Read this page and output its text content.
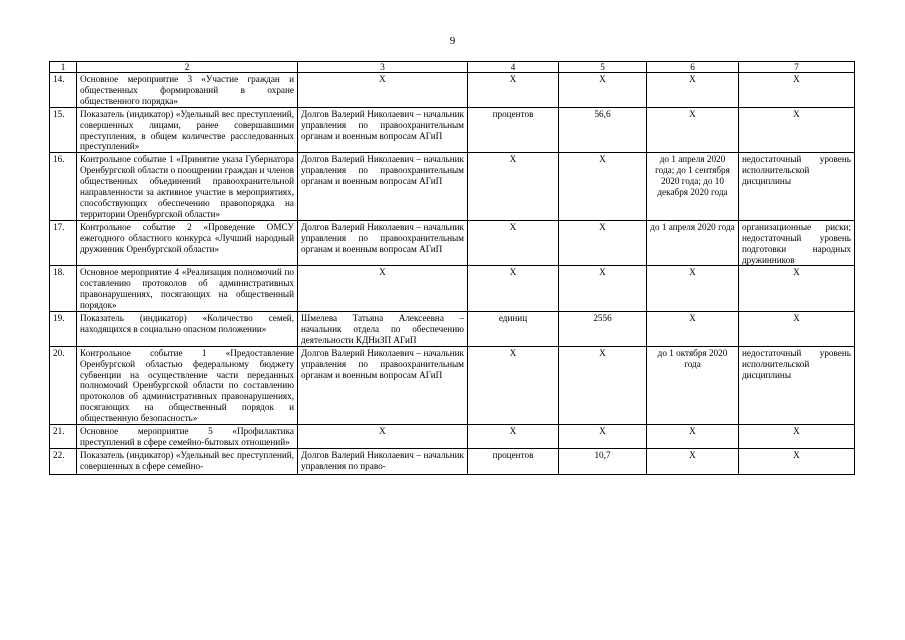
9
1	2	3	4	5	6	7
14.	Основное мероприятие 3 «Участие граждан и общественных формирований в охране общественного порядка»	Х	Х	Х	Х	Х
15.	Показатель (индикатор) «Удельный вес преступлений, совершенных лицами, ранее совершавшими преступления, в общем количестве расследованных преступлений»	Долгов Валерий Николаевич – начальник управления по правоохранительным органам и военным вопросам АГиП	процентов	56,6	Х	Х
16.	Контрольное событие 1 «Принятие указа Губернатора Оренбургской области о поощрении граждан и членов общественных объединений правоохранительной направленности за активное участие в мероприятиях, способствующих обеспечению правопорядка на территории Оренбургской области»	Долгов Валерий Николаевич – начальник управления по правоохранительным органам и военным вопросам АГиП	Х	Х	до 1 апреля 2020 года; до 1 сентября 2020 года; до 10 декабря 2020 года	недостаточный уровень исполнительской дисциплины
17.	Контрольное событие 2 «Проведение ОМСУ ежегодного областного конкурса «Лучший народный дружинник Оренбургской области»	Долгов Валерий Николаевич – начальник управления по правоохранительным органам и военным вопросам АГиП	Х	Х	до 1 апреля 2020 года	организационные риски; недостаточный уровень подготовки народных дружинников
18.	Основное мероприятие 4 «Реализация полномочий по составлению протоколов об административных правонарушениях, посягающих на общественный порядок»	Х	Х	Х	Х	Х
19.	Показатель (индикатор) «Количество семей, находящихся в социально опасном положении»	Шмелева Татьяна Алексеевна – начальник отдела по обеспечению деятельности КДНиЗП АГиП	единиц	2556	Х	Х
20.	Контрольное событие 1 «Предоставление Оренбургской областью федеральному бюджету субвенции на осуществление части переданных полномочий Оренбургской области по составлению протоколов об административных правонарушениях, посягающих на общественный порядок и общественную безопасность»	Долгов Валерий Николаевич – начальник управления по правоохранительным органам и военным вопросам АГиП	Х	Х	до 1 октября 2020 года	недостаточный уровень исполнительской дисциплины
21.	Основное мероприятие 5 «Профилактика преступлений в сфере семейно-бытовых отношений»	Х	Х	Х	Х	Х
22.	Показатель (индикатор) «Удельный вес преступлений, совершенных в сфере семейно-	Долгов Валерий Николаевич – начальник управления по право-	процентов	10,7	Х	Х
